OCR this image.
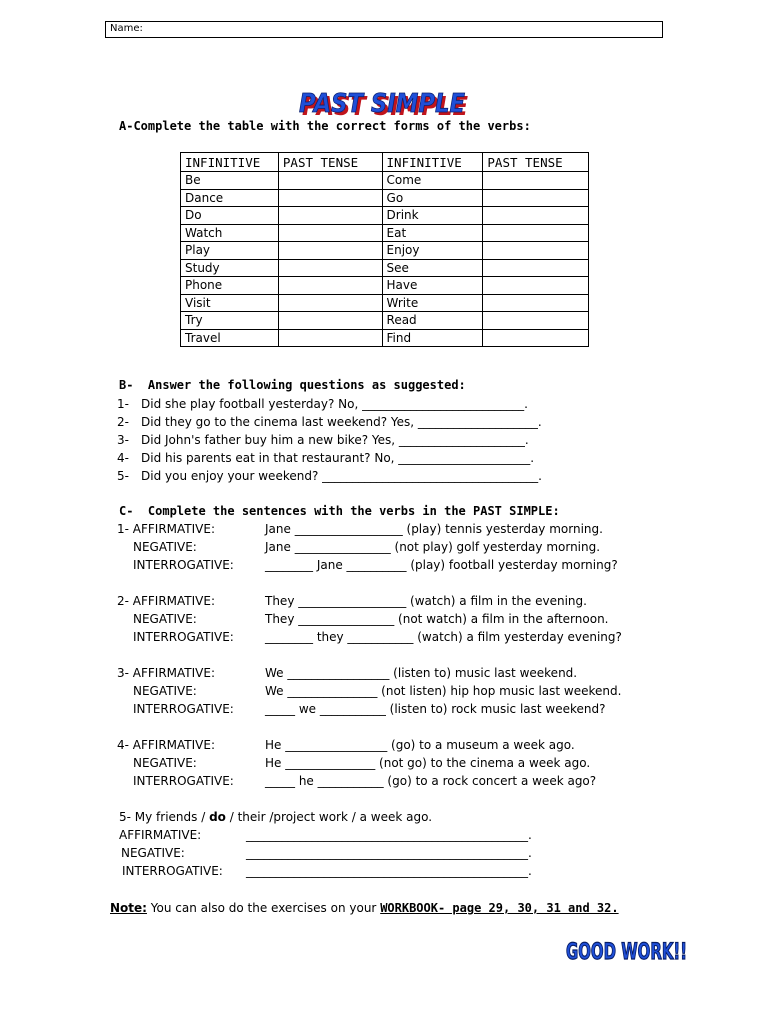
Name:
PAST SIMPLE
PAST SIMPLE
A-Complete the table with the correct forms of the verbs:
INFINITIVE	PAST TENSE	INFINITIVE	PAST TENSE
Be		Come	
Dance		Go	
Do		Drink	
Watch		Eat	
Play		Enjoy	
Study		See	
Phone		Have	
Visit		Write	
Try		Read	
Travel		Find	
B-  Answer the following questions as suggested:
1- Did she play football yesterday? No, ___________________________.
2- Did they go to the cinema last weekend? Yes, ____________________.
3- Did John's father buy him a new bike? Yes, _____________________.
4- Did his parents eat in that restaurant? No, ______________________.
5- Did you enjoy your weekend? ____________________________________.
C-  Complete the sentences with the verbs in the PAST SIMPLE:
1- AFFIRMATIVE:	Jane __________________ (play) tennis yesterday morning.
NEGATIVE:	Jane ________________ (not play) golf yesterday morning.
INTERROGATIVE:	________ Jane __________ (play) football yesterday morning?
2- AFFIRMATIVE:	They __________________ (watch) a film in the evening.
NEGATIVE:	They ________________ (not watch) a film in the afternoon.
INTERROGATIVE:	________ they ___________ (watch) a film yesterday evening?
3- AFFIRMATIVE:	We _________________ (listen to) music last weekend.
NEGATIVE:	We _______________ (not listen) hip hop music last weekend.
INTERROGATIVE:	_____ we ___________ (listen to) rock music last weekend?
4- AFFIRMATIVE:	He _________________ (go) to a museum a week ago.
NEGATIVE:	He _______________ (not go) to the cinema a week ago.
INTERROGATIVE:	_____ he ___________ (go) to a rock concert a week ago?
5- My friends / do / their /project work / a week ago.
AFFIRMATIVE:	_______________________________________________.
NEGATIVE:	_______________________________________________.
INTERROGATIVE: _______________________________________________.
Note: You can also do the exercises on your WORKBOOK- page 29, 30, 31 and 32.
GOOD WORK!!
